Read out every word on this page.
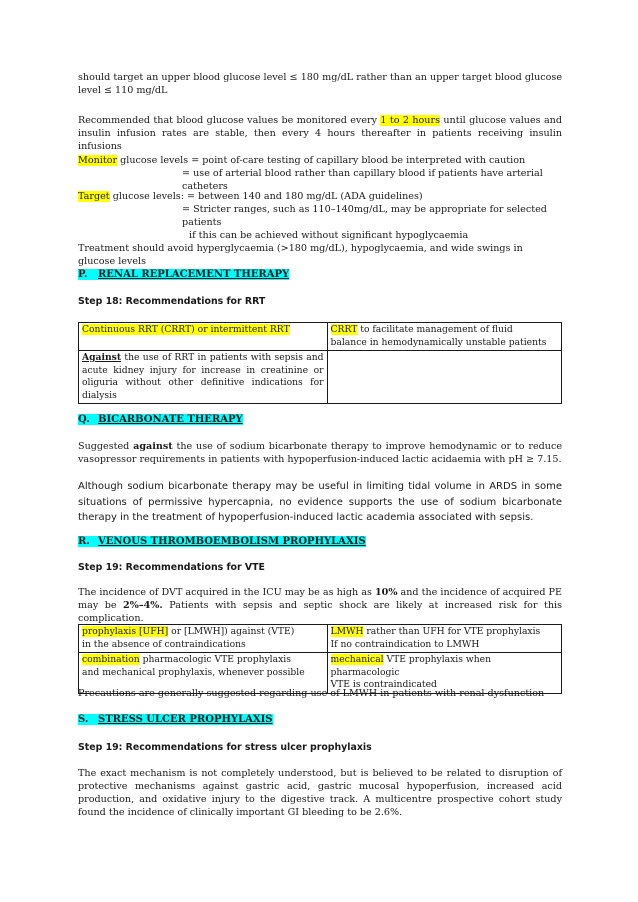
should target an upper blood glucose level ≤ 180 mg/dL rather than an upper target blood glucose level ≤ 110 mg/dL

Recommended that blood glucose values be monitored every 1 to 2 hours until glucose values and insulin infusion rates are stable, then every 4 hours thereafter in patients receiving insulin infusions

Monitor glucose levels = point of-care testing of capillary blood be interpreted with caution
= use of arterial blood rather than capillary blood if patients have arterial catheters
Target glucose levels: = between 140 and 180 mg/dL (ADA guidelines)
= Stricter ranges, such as 110–140mg/dL, may be appropriate for selected patients
if this can be achieved without significant hypoglycaemia
Treatment should avoid hyperglycaemia (>180 mg/dL), hypoglycaemia, and wide swings in glucose levels
P. RENAL REPLACEMENT THERAPY
Step 18: Recommendations for RRT
Continuous RRT (CRRT) or intermittent RRT	CRRT to facilitate management of fluid
balance in hemodynamically unstable patients
Against the use of RRT in patients with sepsis and acute kidney injury for increase in creatinine or oliguria without other definitive indications for dialysis	
Q. BICARBONATE THERAPY

Suggested against the use of sodium bicarbonate therapy to improve hemodynamic or to reduce vasopressor requirements in patients with hypoperfusion-induced lactic acidaemia with pH ≥ 7.15.

Although sodium bicarbonate therapy may be useful in limiting tidal volume in ARDS in some situations of permissive hypercapnia, no evidence supports the use of sodium bicarbonate therapy in the treatment of hypoperfusion-induced lactic academia associated with sepsis.

R. VENOUS THROMBOEMBOLISM PROPHYLAXIS
Step 19: Recommendations for VTE

The incidence of DVT acquired in the ICU may be as high as 10% and the incidence of acquired PE may be 2%–4%. Patients with sepsis and septic shock are likely at increased risk for this complication.

prophylaxis [UFH] or [LMWH]) against (VTE)
in the absence of contraindications	LMWH rather than UFH for VTE prophylaxis
If no contraindication to LMWH
combination pharmacologic VTE prophylaxis
and mechanical prophylaxis, whenever possible	mechanical VTE prophylaxis when pharmacologic
VTE is contraindicated

Precautions are generally suggested regarding use of LMWH in patients with renal dysfunction

S. STRESS ULCER PROPHYLAXIS
Step 19: Recommendations for stress ulcer prophylaxis

The exact mechanism is not completely understood, but is believed to be related to disruption of protective mechanisms against gastric acid, gastric mucosal hypoperfusion, increased acid production, and oxidative injury to the digestive track. A multicentre prospective cohort study found the incidence of clinically important GI bleeding to be 2.6%.
